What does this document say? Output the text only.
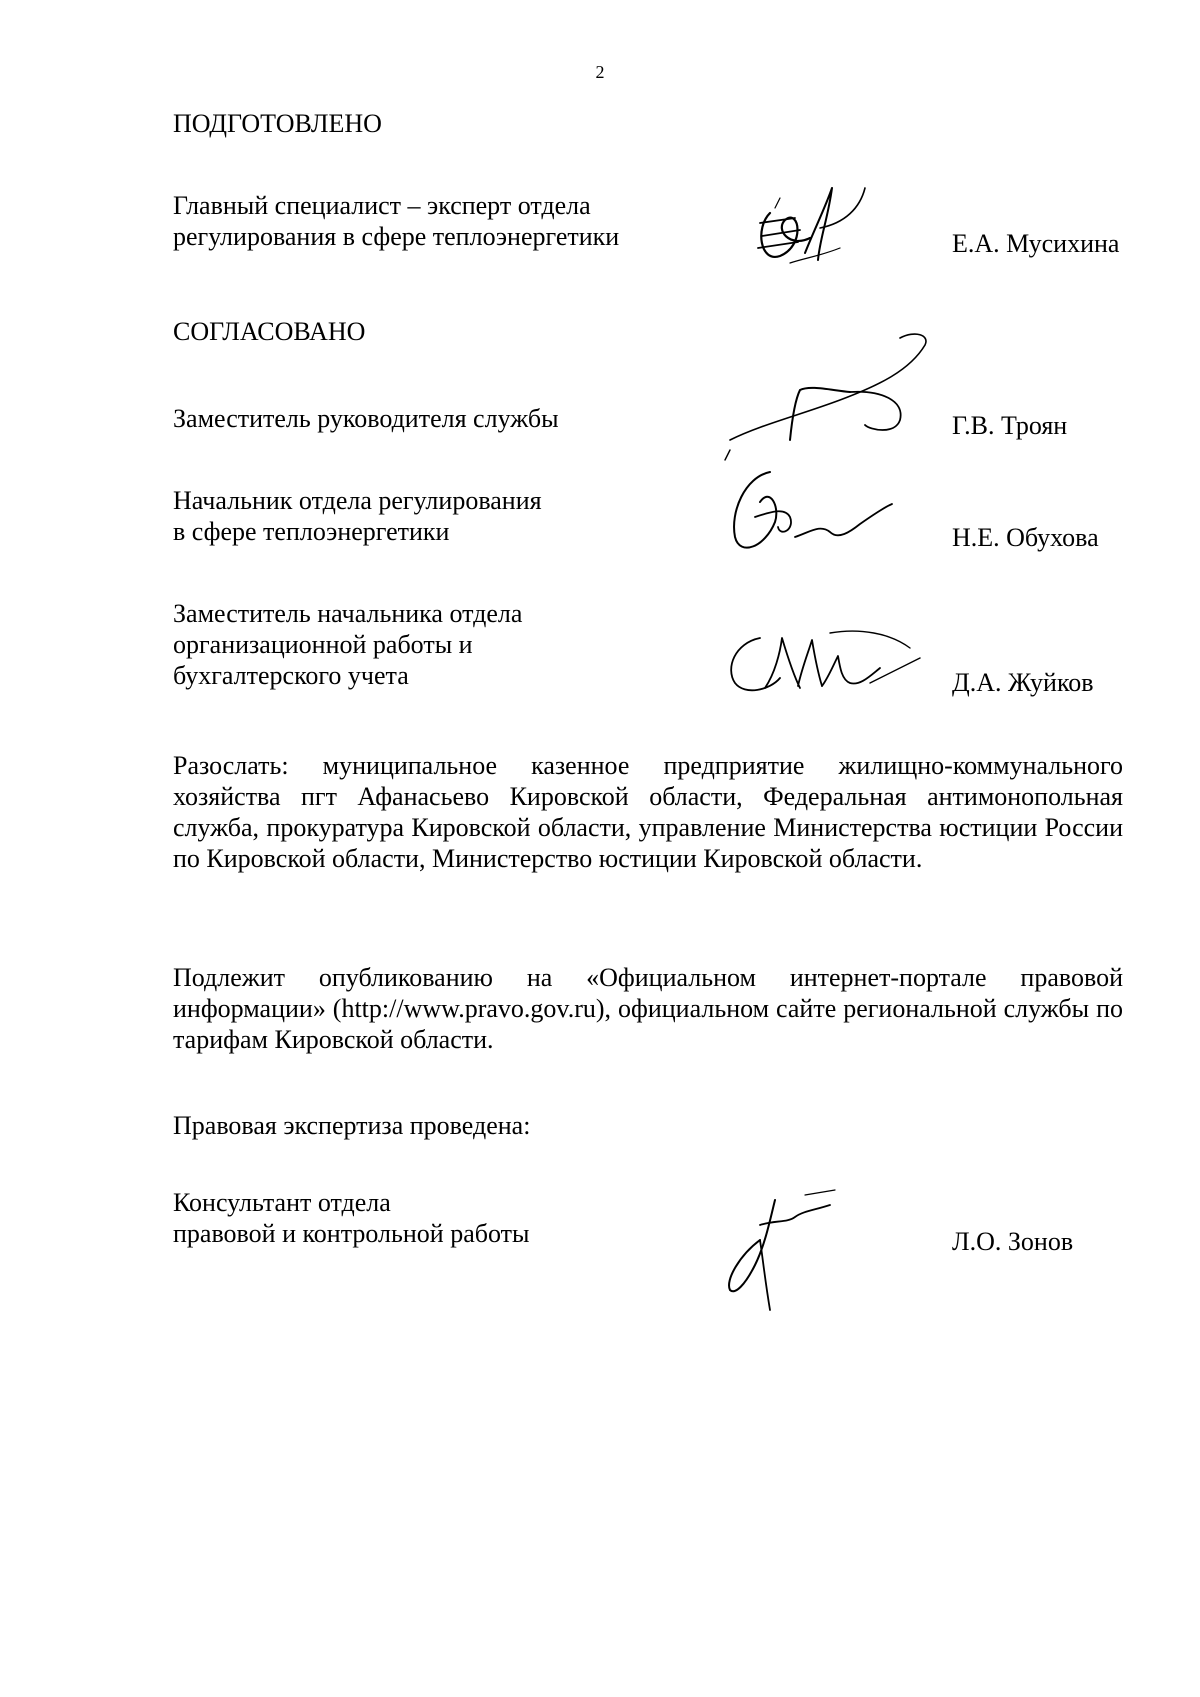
2
ПОДГОТОВЛЕНО
Главный специалист – эксперт отдела
регулирования в сфере теплоэнергетики	Е.А. Мусихина
СОГЛАСОВАНО
Заместитель руководителя службы	Г.В. Троян
Начальник отдела регулирования
в сфере теплоэнергетики	Н.Е. Обухова
Заместитель начальника отдела
организационной работы и
бухгалтерского учета	Д.А. Жуйков
Разослать: муниципальное казенное предприятие жилищно-коммунального хозяйства пгт Афанасьево Кировской области, Федеральная антимонопольная служба, прокуратура Кировской области, управление Министерства юстиции России по Кировской области, Министерство юстиции Кировской области.
Подлежит опубликованию на «Официальном интернет-портале правовой информации» (http://www.pravo.gov.ru), официальном сайте региональной службы по тарифам Кировской области.
Правовая экспертиза проведена:
Консультант отдела
правовой и контрольной работы	Л.О. Зонов
